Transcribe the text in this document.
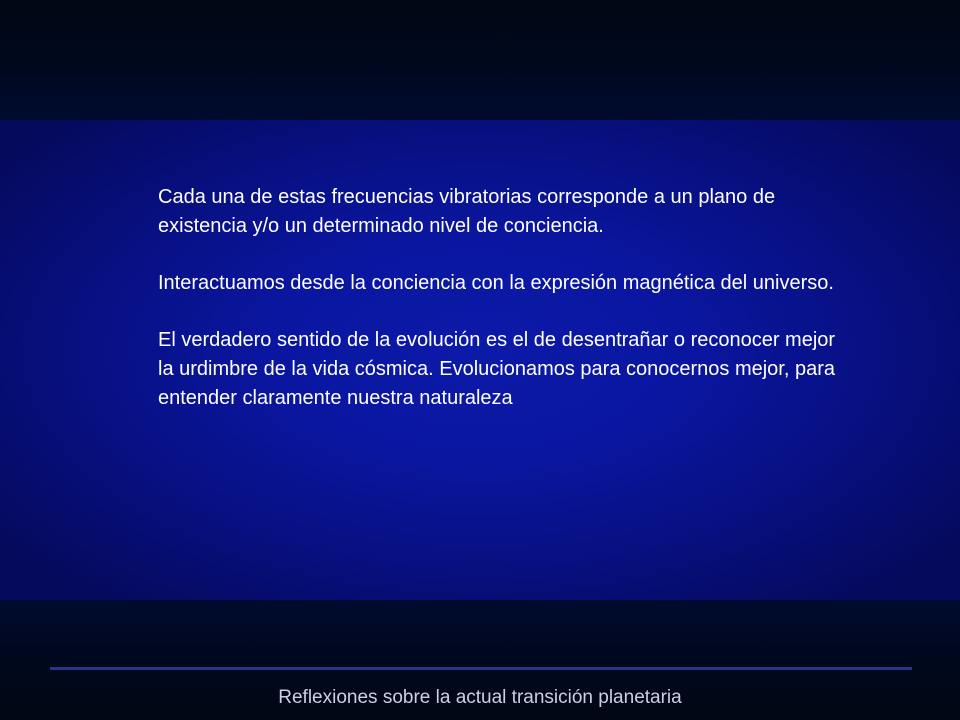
Cada una de estas frecuencias vibratorias corresponde a un plano de existencia y/o un determinado nivel de conciencia.

Interactuamos desde la conciencia con la expresión magnética del universo.

El verdadero sentido de la evolución es el de desentrañar o reconocer mejor la urdimbre de la vida cósmica. Evolucionamos para conocernos mejor, para entender claramente nuestra naturaleza

Reflexiones sobre la actual transición planetaria
